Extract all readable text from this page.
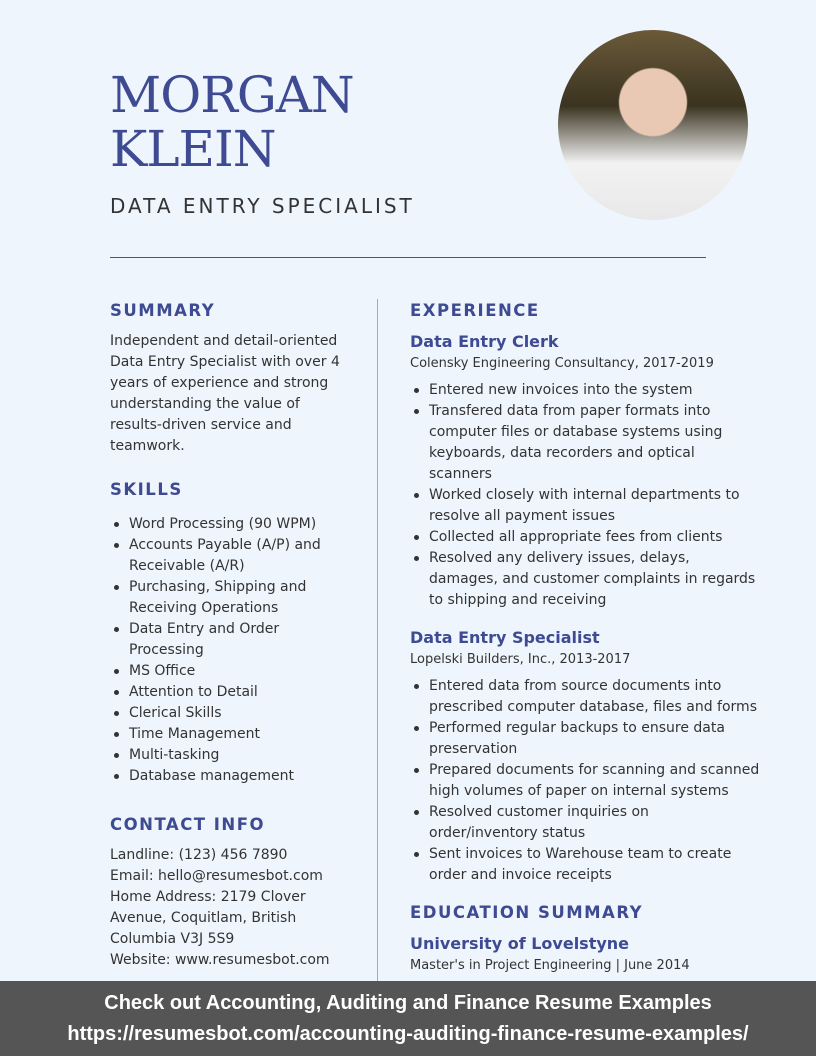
MORGAN
KLEIN
DATA ENTRY SPECIALIST
SUMMARY

Independent and detail-oriented Data Entry Specialist with over 4 years of experience and strong understanding the value of results-driven service and teamwork.

SKILLS
Word Processing (90 WPM)
Accounts Payable (A/P) and Receivable (A/R)
Purchasing, Shipping and Receiving Operations
Data Entry and Order Processing
MS Office
Attention to Detail
Clerical Skills
Time Management
Multi-tasking
Database management
CONTACT INFO
Landline: (123) 456 7890
Email: hello@resumesbot.com
Home Address: 2179 Clover Avenue, Coquitlam, British Columbia V3J 5S9
Website: www.resumesbot.com
EXPERIENCE
Data Entry Clerk
Colensky Engineering Consultancy, 2017-2019
Entered new invoices into the system
Transfered data from paper formats into computer files or database systems using keyboards, data recorders and optical scanners
Worked closely with internal departments to resolve all payment issues
Collected all appropriate fees from clients
Resolved any delivery issues, delays, damages, and customer complaints in regards to shipping and receiving
Data Entry Specialist
Lopelski Builders, Inc., 2013-2017
Entered data from source documents into prescribed computer database, files and forms
Performed regular backups to ensure data preservation
Prepared documents for scanning and scanned high volumes of paper on internal systems
Resolved customer inquiries on order/inventory status
Sent invoices to Warehouse team to create order and invoice receipts
EDUCATION SUMMARY
University of Lovelstyne
Master's in Project Engineering | June 2014
Check out Accounting, Auditing and Finance Resume Examples
https://resumesbot.com/accounting-auditing-finance-resume-examples/
